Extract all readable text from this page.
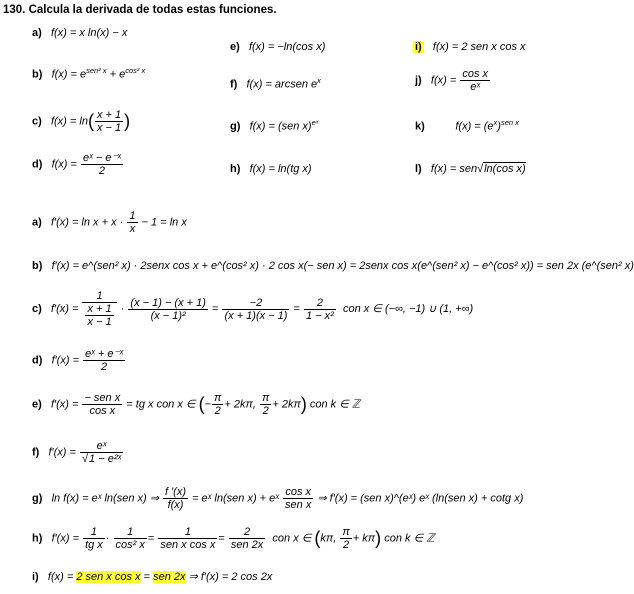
130. Calcula la derivada de todas estas funciones.
a) f(x) = x ln(x) − x
b) $f(x) = e^{sen^2 x} + e^{cos^2 x}$
c) $f(x) = \ln( \frac{x + 1}{x - 1}$ )
d) $f(x) = \frac{\text{eˣ − e⁻ˣ}}{2}$
e) f(x) = −ln(cos x)
f) f(x) = arcsen $e^x$
g) f(x) = (sen x)$^{eˣ}$
h) f(x) = ln(tg x)
i) f(x) = 2 sen x cos x
j) $f(x) = \frac{\text{cos x}}{\text{eˣ}}$
k)	$f(x) = (e^x)^{sen x}$
l) f(x) = sen√ln(cos x)
a) $f'(x) = \ln x + x \cdot \frac{1}{x} - 1 = \ln x$
b) f′(x) = e^(sen² x) · 2senx cos x + e^(cos² x) · 2 cos x(− sen x) = 2senx cos x(e^(sen² x) − e^(cos² x)) = sen 2x (e^(sen² x)
c) $f'(x) = \frac{1}{\frac{x + 1}{x - 1}} \cdot \frac{(x - 1) - (x + 1)}{\text{(x − 1)²}} = \frac{-2}{(x + 1)(x - 1)} = \frac{2}{\text{1 − x²}}$ con x ∈ (−∞, −1) ∪ (1, +∞)
d) $f'(x) = \frac{\text{eˣ + e⁻ˣ}}{2}$
e) $f'(x) = \frac{\text{− sen x}}{\text{cos x}}$ = tg x con x ∈ (− $\frac{\pi}{2} + 2k\pi$, $\frac{\pi}{2} + 2k\pi$) con k ∈ ℤ
f) $f'(x) = \frac{\text{eˣ}}{\text{√1 − e²ˣ}}$
g) ln f(x) = eˣ ln(sen x) ⇒ $\frac{f '(x)}{f(x)}$ = eˣ ln(sen x) + eˣ $\frac{\text{cos x}}{\text{sen x}}$ ⇒ f′(x) = (sen x)^(eˣ) eˣ (ln(sen x) + cotg x)
h) $f'(x) = \frac{1}{\text{tg x}} \cdot \frac{1}{\text{cos² x}} = \frac{1}{\text{sen x cos x}} = \frac{2}{\text{sen 2x}}$ con x ∈ (kπ, $\frac{\pi}{2} + k\pi$) con k ∈ ℤ
i) f(x) = 2 sen x cos x = sen 2x ⇒ f′(x) = 2 cos 2x
